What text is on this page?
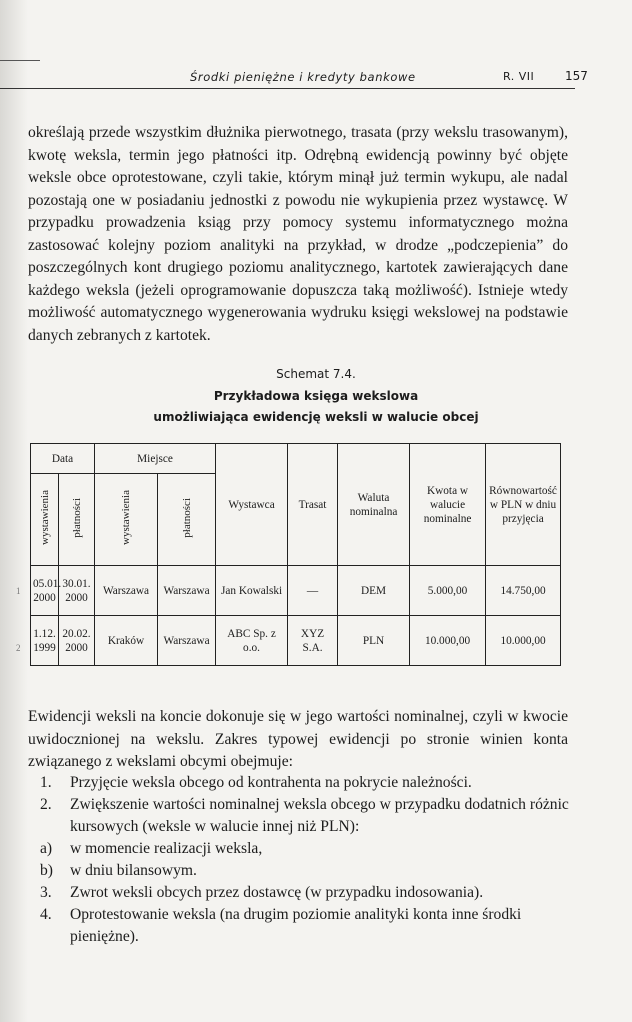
Środki pieniężne i kredyty bankowe	R. VII	157

określają przede wszystkim dłużnika pierwotnego, trasata (przy wekslu trasowanym), kwotę weksla, termin jego płatności itp. Odrębną ewidencją powinny być objęte weksle obce oprotestowane, czyli takie, którym minął już termin wykupu, ale nadal pozostają one w posiadaniu jednostki z powodu nie wykupienia przez wystawcę. W przypadku prowadzenia ksiąg przy pomocy systemu informatycznego można zastosować kolejny poziom analityki na przykład, w drodze „podczepienia” do poszczególnych kont drugiego poziomu analitycznego, kartotek zawierających dane każdego weksla (jeżeli oprogramowanie dopuszcza taką możliwość). Istnieje wtedy możliwość automatycznego wygenerowania wydruku księgi wekslowej na podstawie danych zebranych z kartotek.

Schemat 7.4.
Przykładowa księga wekslowa
umożliwiająca ewidencję weksli w walucie obcej
Data		Miejsce		Wystawca	Trasat	Waluta nominalna	Kwota w walucie nominalne	Równowartość w PLN w dniu przyjęcia
wystawienia	płatności	wystawienia	płatności					
05.01. 2000	30.01. 2000	Warszawa	Warszawa	Jan Kowalski	—	DEM	5.000,00	14.750,00
1.12. 1999	20.02. 2000	Kraków	Warszawa	ABC Sp. z o.o.	XYZ S.A.	PLN	10.000,00	10.000,00
1
2

Ewidencji weksli na koncie dokonuje się w jego wartości nominalnej, czyli w kwocie uwidocznionej na wekslu. Zakres typowej ewidencji po stronie winien konta związanego z wekslami obcymi obejmuje:

1. Przyjęcie weksla obcego od kontrahenta na pokrycie należności.
2. Zwiększenie wartości nominalnej weksla obcego w przypadku dodatnich różnic kursowych (weksle w walucie innej niż PLN):
a) w momencie realizacji weksla,
b) w dniu bilansowym.
3. Zwrot weksli obcych przez dostawcę (w przypadku indosowania).
4. Oprotestowanie weksla (na drugim poziomie analityki konta inne środki pieniężne).
